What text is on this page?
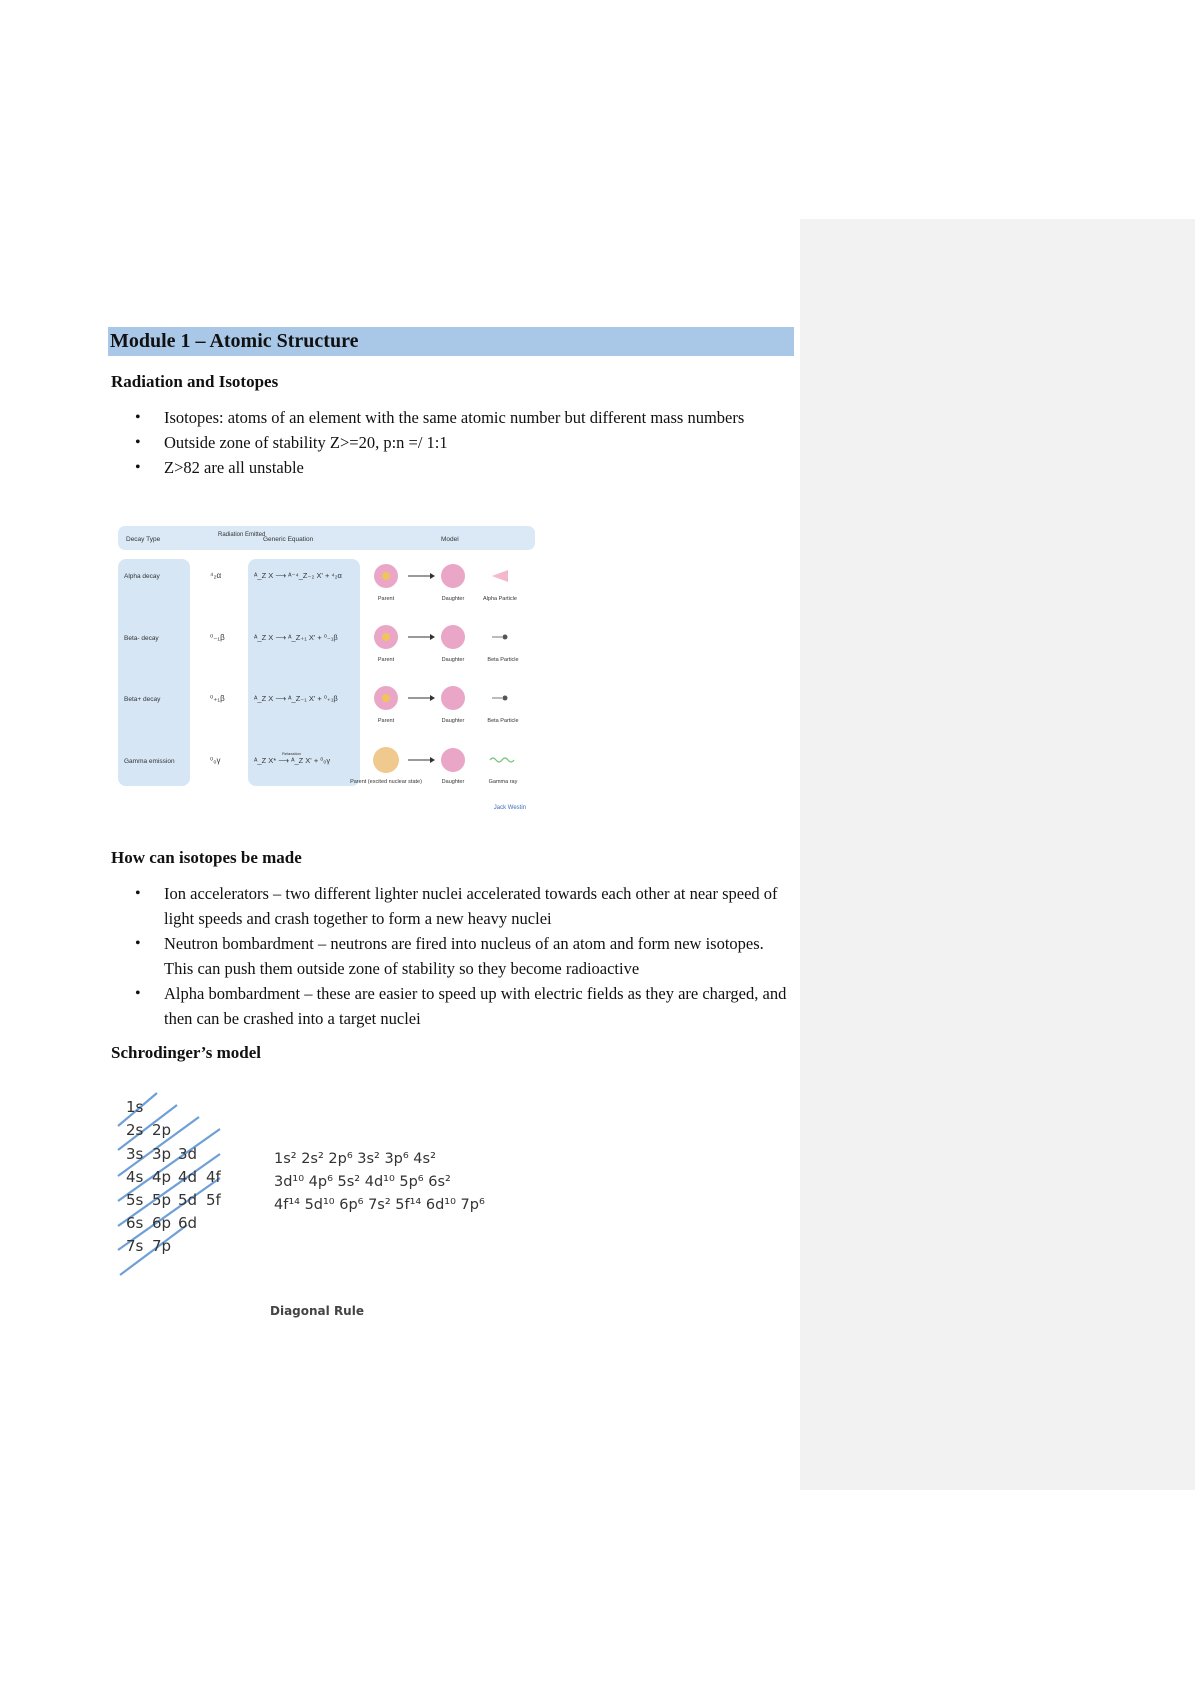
Module 1 – Atomic Structure
Radiation and Isotopes
• Isotopes: atoms of an element with the same atomic number but different mass numbers
• Outside zone of stability Z>=20, p:n =/ 1:1
• Z>82 are all unstable
Decay Type
Radiation Emitted
Generic Equation	Model
Alpha decay	⁴₂α	ᴬ_Z X ⟶ ᴬ⁻⁴_Z₋₂ X' + ⁴₂α
Parent	Daughter	Alpha Particle
Beta- decay	⁰₋₁β	ᴬ_Z X ⟶ ᴬ_Z₊₁ X' + ⁰₋₁β
Parent	Daughter	Beta Particle
Beta+ decay	⁰₊₁β	ᴬ_Z X ⟶ ᴬ_Z₋₁ X' + ⁰₊₁β
Parent	Daughter	Beta Particle
Gamma emission	⁰₀γ	ᴬ_Z X* ⟶ ᴬ_Z X' + ⁰₀γ
Relaxation
Parent (excited nuclear state)	Daughter	Gamma ray
Jack Westin
How can isotopes be made
• Ion accelerators – two different lighter nuclei accelerated towards each other at near speed of light speeds and crash together to form a new heavy nuclei
• Neutron bombardment – neutrons are fired into nucleus of an atom and form new isotopes. This can push them outside zone of stability so they become radioactive
• Alpha bombardment – these are easier to speed up with electric fields as they are charged, and then can be crashed into a target nuclei
Schrodinger’s model
1s
2s 2p
3s 3p 3d
4s 4p 4d 4f
5s 5p 5d 5f
6s 6p 6d
7s 7p
1s² 2s² 2p⁶ 3s² 3p⁶ 4s²
3d¹⁰ 4p⁶ 5s² 4d¹⁰ 5p⁶ 6s²
4f¹⁴ 5d¹⁰ 6p⁶ 7s² 5f¹⁴ 6d¹⁰ 7p⁶
Diagonal Rule
